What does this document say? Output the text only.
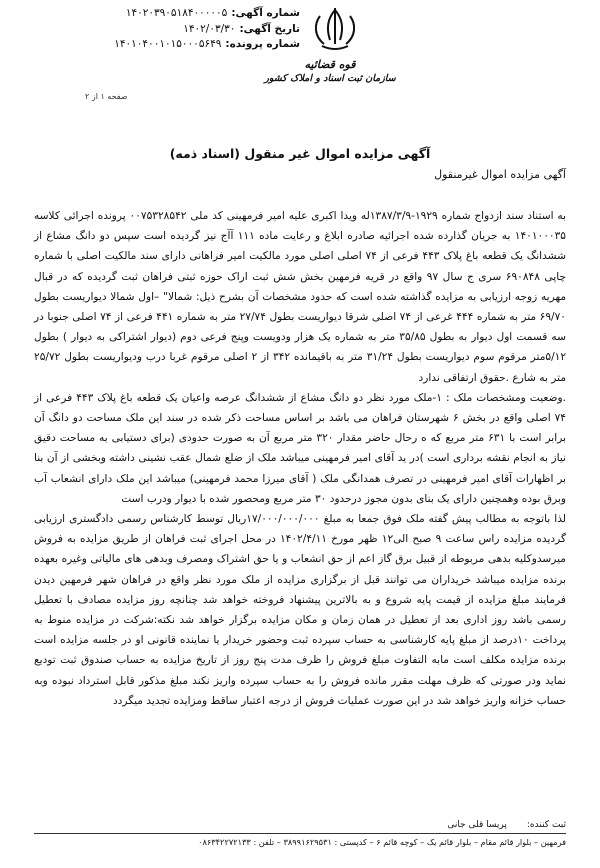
شماره آگهی:
۱۴۰۲۰۳۹۰۵۱۸۴۰۰۰۰۰۵
تاریخ آگهی:
۱۴۰۲/۰۳/۳۰
شماره پرونده:
۱۴۰۱۰۴۰۰۱۰۱۵۰۰۰۵۶۴۹
قوه قضائیه
سازمان ثبت اسناد و املاک کشور
صفحه ۱ از ۲
آگهی مزایده اموال غیر منقول (اسناد ذمه)
آگهی مزایده اموال غیرمنقول

به استناد سند ازدواج شماره ۱۹۲۹-۱۳۸۷/۳/۹له ویدا اکبری علیه امیر فرمهینی کد ملی ۰۰۷۵۳۲۸۵۴۲ پرونده اجرائی کلاسه ۱۴۰۱۰۰۰۳۵ به جریان گذارده شده اجرائیه صادره ابلاغ و رعایت ماده ۱۱۱ آآج نیز گردیده است سپس دو دانگ مشاع از ششدانگ یک قطعه باغ پلاک ۴۴۳ فرعی از ۷۴ اصلی اصلی مورد مالکیت امیر فراهانی دارای سند مالکیت اصلی با شماره چاپی ۶۹۰۸۴۸ سری ج سال ۹۷ واقع در قریه فرمهین بخش شش ثبت اراک حوزه ثبتی فراهان ثبت گردیده که در قبال مهریه زوجه ارزیابی به مزایده گذاشته شده است که حدود مشخصات آن بشرح ذیل: شمالا" –اول شمالا دیواریست بطول ۶۹/۷۰ متر به شماره ۴۴۴ غرعی از ۷۴ اصلی شرقا دیواریست بطول ۲۷/۷۴ متر به شماره ۴۴۱ فرعی از ۷۴ اصلی جنوبا در سه قسمت اول دیوار به بطول ۳۵/۸۵ متر به شماره یک هزار ودویست وپنج فرعی دوم (دیوار اشتراکی به دیوار ) بطول ۵/۱۲متر مرقوم سوم دیواریست بطول ۳۱/۲۴ متر به باقیمانده ۳۴۲ از ۲ اصلی مرقوم غربا درب ودیواریست بطول ۲۵/۷۲ متر به شارع .حقوق ارتفاقی ندارد

.وضعیت ومشخصات ملک : ۱-ملک مورد نظر دو دانگ مشاع از ششدانگ عرصه واعیان یک قطعه باغ پلاک ۴۴۳ فرعی از ۷۴ اصلی واقع در بخش ۶ شهرستان فراهان می باشد بر اساس مساحت ذکر شده در سند این ملک مساحت دو دانگ آن برابر است با ۶۳۱ متر مربع که ه رحال حاضر مقدار ۳۲۰ متر مربع آن به صورت حدودی (برای دستیابی به مساحت دقیق نیاز به انجام نقشه برداری است )در ید آقای امیر فرمهینی میباشد ملک از ضلع شمال عقب نشینی داشته وبخشی از آن بنا بر اظهارات آقای امیر فرمهینی در تصرف همدانگی ملک ( آقای میرزا محمد فرمهینی) میباشد این ملک دارای انشعاب آب وبرق بوده وهمچنین دارای یک بنای بدون مجوز درحدود ۳۰ متر مربع ومحصور شده با دیوار ودرب است

لذا باتوجه به مطالب پیش گفته ملک فوق جمعا به مبلغ ۱۷/۰۰۰/۰۰۰/۰۰۰ریال توسط کارشناس رسمی دادگستری ارزیابی گردیده مزایده راس ساعت ۹ صبح الی۱۲ ظهر مورخ ۱۴۰۲/۴/۱۱ در محل اجرای ثبت فراهان از طریق مزایده به فروش میرسدوکلیه بدهی مربوطه از قبیل برق گاز اعم از حق انشعاب و یا حق اشتراک ومصرف وبدهی های مالیاتی وغیره بعهده برنده مزایده میباشد خریداران می توانند قبل از برگزاری مزایده از ملک مورد نظر واقع در فراهان شهر فرمهین دیدن فرمایند مبلغ مزایده از قیمت پایه شروع و به بالاترین پیشنهاد فروخته خواهد شد چنانچه روز مزایده مصادف با تعطیل رسمی باشد روز اداری بعد از تعطیل در همان زمان و مکان مزایده برگزار خواهد شد نکته:شرکت در مزایده منوط به پرداخت ۱۰درصد از مبلغ پایه کارشناسی به حساب سپرده ثبت وحضور خریدار یا نماینده قانونی او در جلسه مزایده است برنده مزایده مکلف است مابه التفاوت مبلغ فروش را ظرف مدت پنج روز از تاریخ مزایده به حساب صندوق ثبت تودیع نماید ودر صورتی که ظرف مهلت مقرر مانده فروش را به حساب سپرده واریز نکند مبلغ مذکور قابل استرداد نبوده وبه حساب خزانه واریز خواهد شد در این صورت عملیات فروش از درجه اعتبار ساقط ومزایده تجدید میگردد

ثبت کننده:
پریسا قلی جانی
فرمهین – بلوار قائم مقام – بلوار قائم یک – کوچه قائم ۶ – کدپستی : ۳۸۹۹۱۶۲۹۵۳۱ – تلفن : ۰۸۶۳۴۲۲۷۲۱۳۳
